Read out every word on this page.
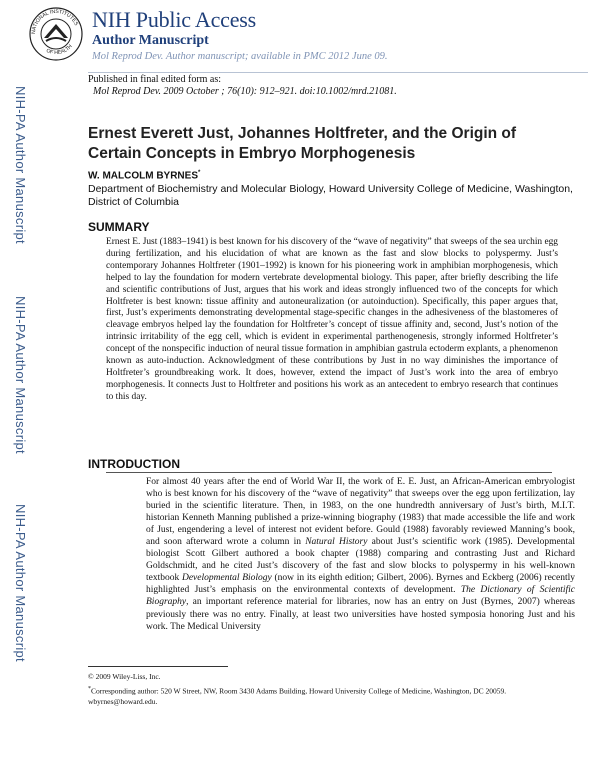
NATIONAL INSTITUTES
OF HEALTH
NIH Public Access
Author Manuscript
Mol Reprod Dev. Author manuscript; available in PMC 2012 June 09.
Published in final edited form as:
Mol Reprod Dev. 2009 October ; 76(10): 912–921. doi:10.1002/mrd.21081.
NIH-PA Author Manuscript
NIH-PA Author Manuscript
NIH-PA Author Manuscript
Ernest Everett Just, Johannes Holtfreter, and the Origin of Certain Concepts in Embryo Morphogenesis
W. MALCOLM BYRNES*
Department of Biochemistry and Molecular Biology, Howard University College of Medicine, Washington, District of Columbia
SUMMARY
Ernest E. Just (1883–1941) is best known for his discovery of the “wave of negativity” that sweeps of the sea urchin egg during fertilization, and his elucidation of what are known as the fast and slow blocks to polyspermy. Just’s contemporary Johannes Holtfreter (1901–1992) is known for his pioneering work in amphibian morphogenesis, which helped to lay the foundation for modern vertebrate developmental biology. This paper, after briefly describing the life and scientific contributions of Just, argues that his work and ideas strongly influenced two of the concepts for which Holtfreter is best known: tissue affinity and autoneuralization (or autoinduction). Specifically, this paper argues that, first, Just’s experiments demonstrating developmental stage-specific changes in the adhesiveness of the blastomeres of cleavage embryos helped lay the foundation for Holtfreter’s concept of tissue affinity and, second, Just’s notion of the intrinsic irritability of the egg cell, which is evident in experimental parthenogenesis, strongly informed Holtfreter’s concept of the nonspecific induction of neural tissue formation in amphibian gastrula ectoderm explants, a phenomenon known as auto-induction. Acknowledgment of these contributions by Just in no way diminishes the importance of Holtfreter’s groundbreaking work. It does, however, extend the impact of Just’s work into the area of embryo morphogenesis. It connects Just to Holtfreter and positions his work as an antecedent to embryo research that continues to this day.
INTRODUCTION
For almost 40 years after the end of World War II, the work of E. E. Just, an African-American embryologist who is best known for his discovery of the “wave of negativity” that sweeps over the egg upon fertilization, lay buried in the scientific literature. Then, in 1983, on the one hundredth anniversary of Just’s birth, M.I.T. historian Kenneth Manning published a prize-winning biography (1983) that made accessible the life and work of Just, engendering a level of interest not evident before. Gould (1988) favorably reviewed Manning’s book, and soon afterward wrote a column in Natural History about Just’s scientific work (1985). Developmental biologist Scott Gilbert authored a book chapter (1988) comparing and contrasting Just and Richard Goldschmidt, and he cited Just’s discovery of the fast and slow blocks to polyspermy in his well-known textbook Developmental Biology (now in its eighth edition; Gilbert, 2006). Byrnes and Eckberg (2006) recently highlighted Just’s emphasis on the environmental contexts of development. The Dictionary of Scientific Biography, an important reference material for libraries, now has an entry on Just (Byrnes, 2007) whereas previously there was no entry. Finally, at least two universities have hosted symposia honoring Just and his work. The Medical University
© 2009 Wiley-Liss, Inc.
*Corresponding author: 520 W Street, NW, Room 3430 Adams Building, Howard University College of Medicine, Washington, DC 20059. wbyrnes@howard.edu.
